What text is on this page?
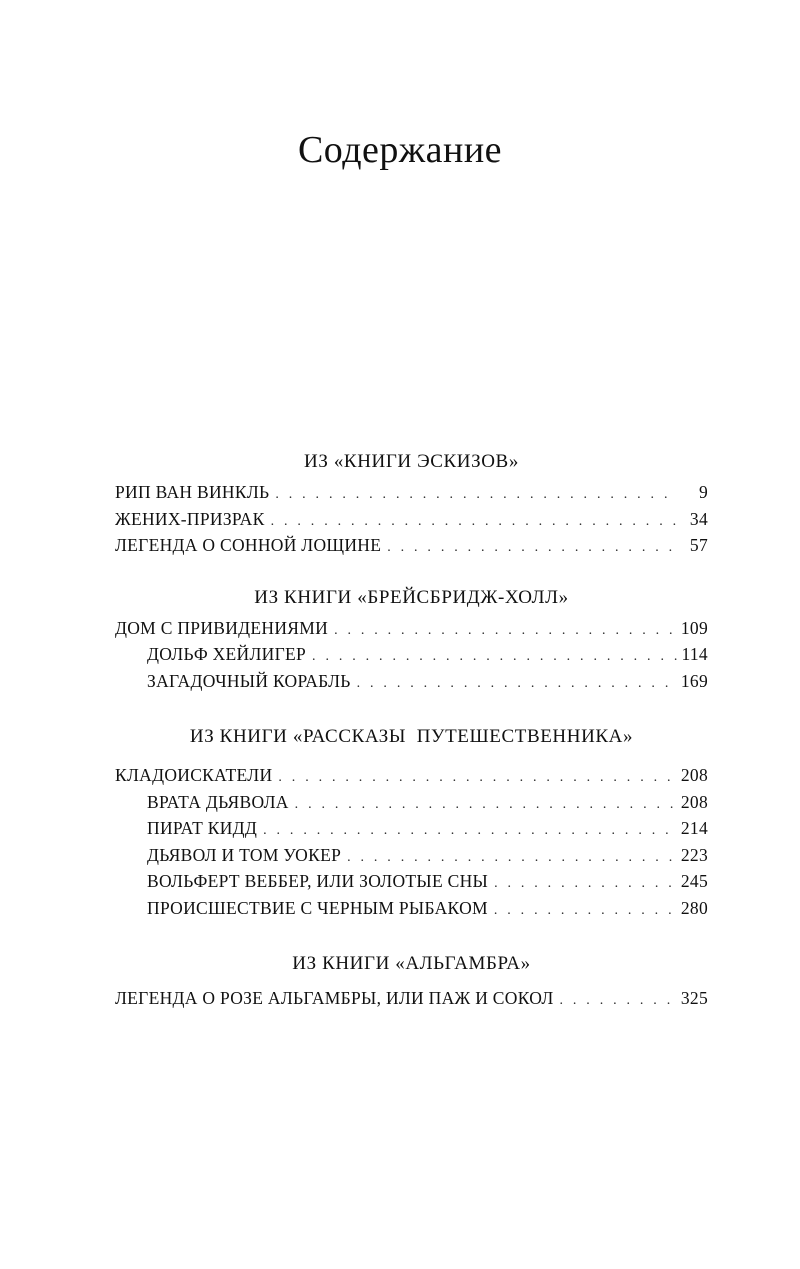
Содержание
ИЗ «КНИГИ ЭСКИЗОВ»
РИП ВАН ВИНКЛЬ . . .	9
ЖЕНИХ-ПРИЗРАК . . .	34
ЛЕГЕНДА О СОННОЙ ЛОЩИНЕ . . .	57
ИЗ КНИГИ «БРЕЙСБРИДЖ-ХОЛЛ»
ДОМ С ПРИВИДЕНИЯМИ . . .	109
ДОЛЬФ ХЕЙЛИГЕР . . .	114
ЗАГАДОЧНЫЙ КОРАБЛЬ . . .	169
ИЗ КНИГИ «РАССКАЗЫ  ПУТЕШЕСТВЕННИКА»
КЛАДОИСКАТЕЛИ . . .	208
ВРАТА ДЬЯВОЛА . . .	208
ПИРАТ КИДД . . .	214
ДЬЯВОЛ И ТОМ УОКЕР . . .	223
ВОЛЬФЕРТ ВЕББЕР, ИЛИ ЗОЛОТЫЕ СНЫ . . .	245
ПРОИСШЕСТВИЕ С ЧЕРНЫМ РЫБАКОМ . . .	280
ИЗ КНИГИ «АЛЬГАМБРА»
ЛЕГЕНДА О РОЗЕ АЛЬГАМБРЫ, ИЛИ ПАЖ И СОКОЛ . . .	325
